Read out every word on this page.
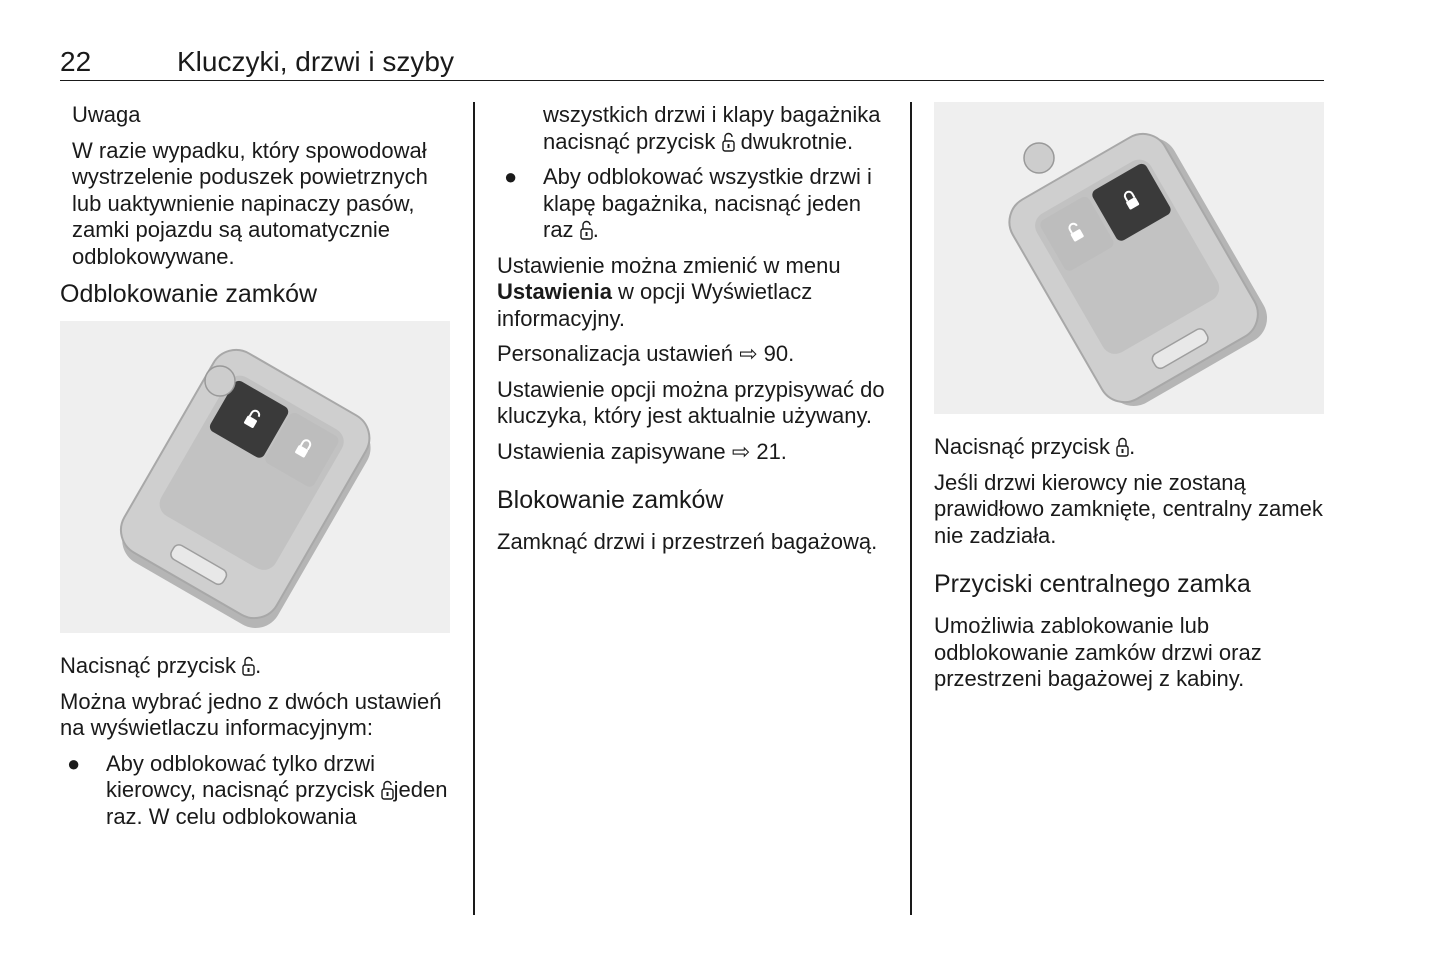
22	Kluczyki, drzwi i szyby

Uwaga

W razie wypadku, który spowodował wystrzelenie poduszek powietrznych lub uaktywnienie napinaczy pasów, zamki pojazdu są automatycznie odblokowywane.

Odblokowanie zamków

Nacisnąć przycisk .

Można wybrać jedno z dwóch ustawień na wyświetlaczu informacyjnym:

● Aby odblokować tylko drzwi kierowcy, nacisnąć przycisk jeden raz. W celu odblokowania

wszystkich drzwi i klapy bagażnika nacisnąć przycisk  dwukrotnie.

● Aby odblokować wszystkie drzwi i klapę bagażnika, nacisnąć jeden raz .

Ustawienie można zmienić w menu Ustawienia w opcji Wyświetlacz informacyjny.

Personalizacja ustawień ⇨ 90.

Ustawienie opcji można przypisywać do kluczyka, który jest aktualnie używany.

Ustawienia zapisywane ⇨ 21.

Blokowanie zamków

Zamknąć drzwi i przestrzeń bagażową.

Nacisnąć przycisk .

Jeśli drzwi kierowcy nie zostaną prawidłowo zamknięte, centralny zamek nie zadziała.

Przyciski centralnego zamka

Umożliwia zablokowanie lub odblokowanie zamków drzwi oraz przestrzeni bagażowej z kabiny.
